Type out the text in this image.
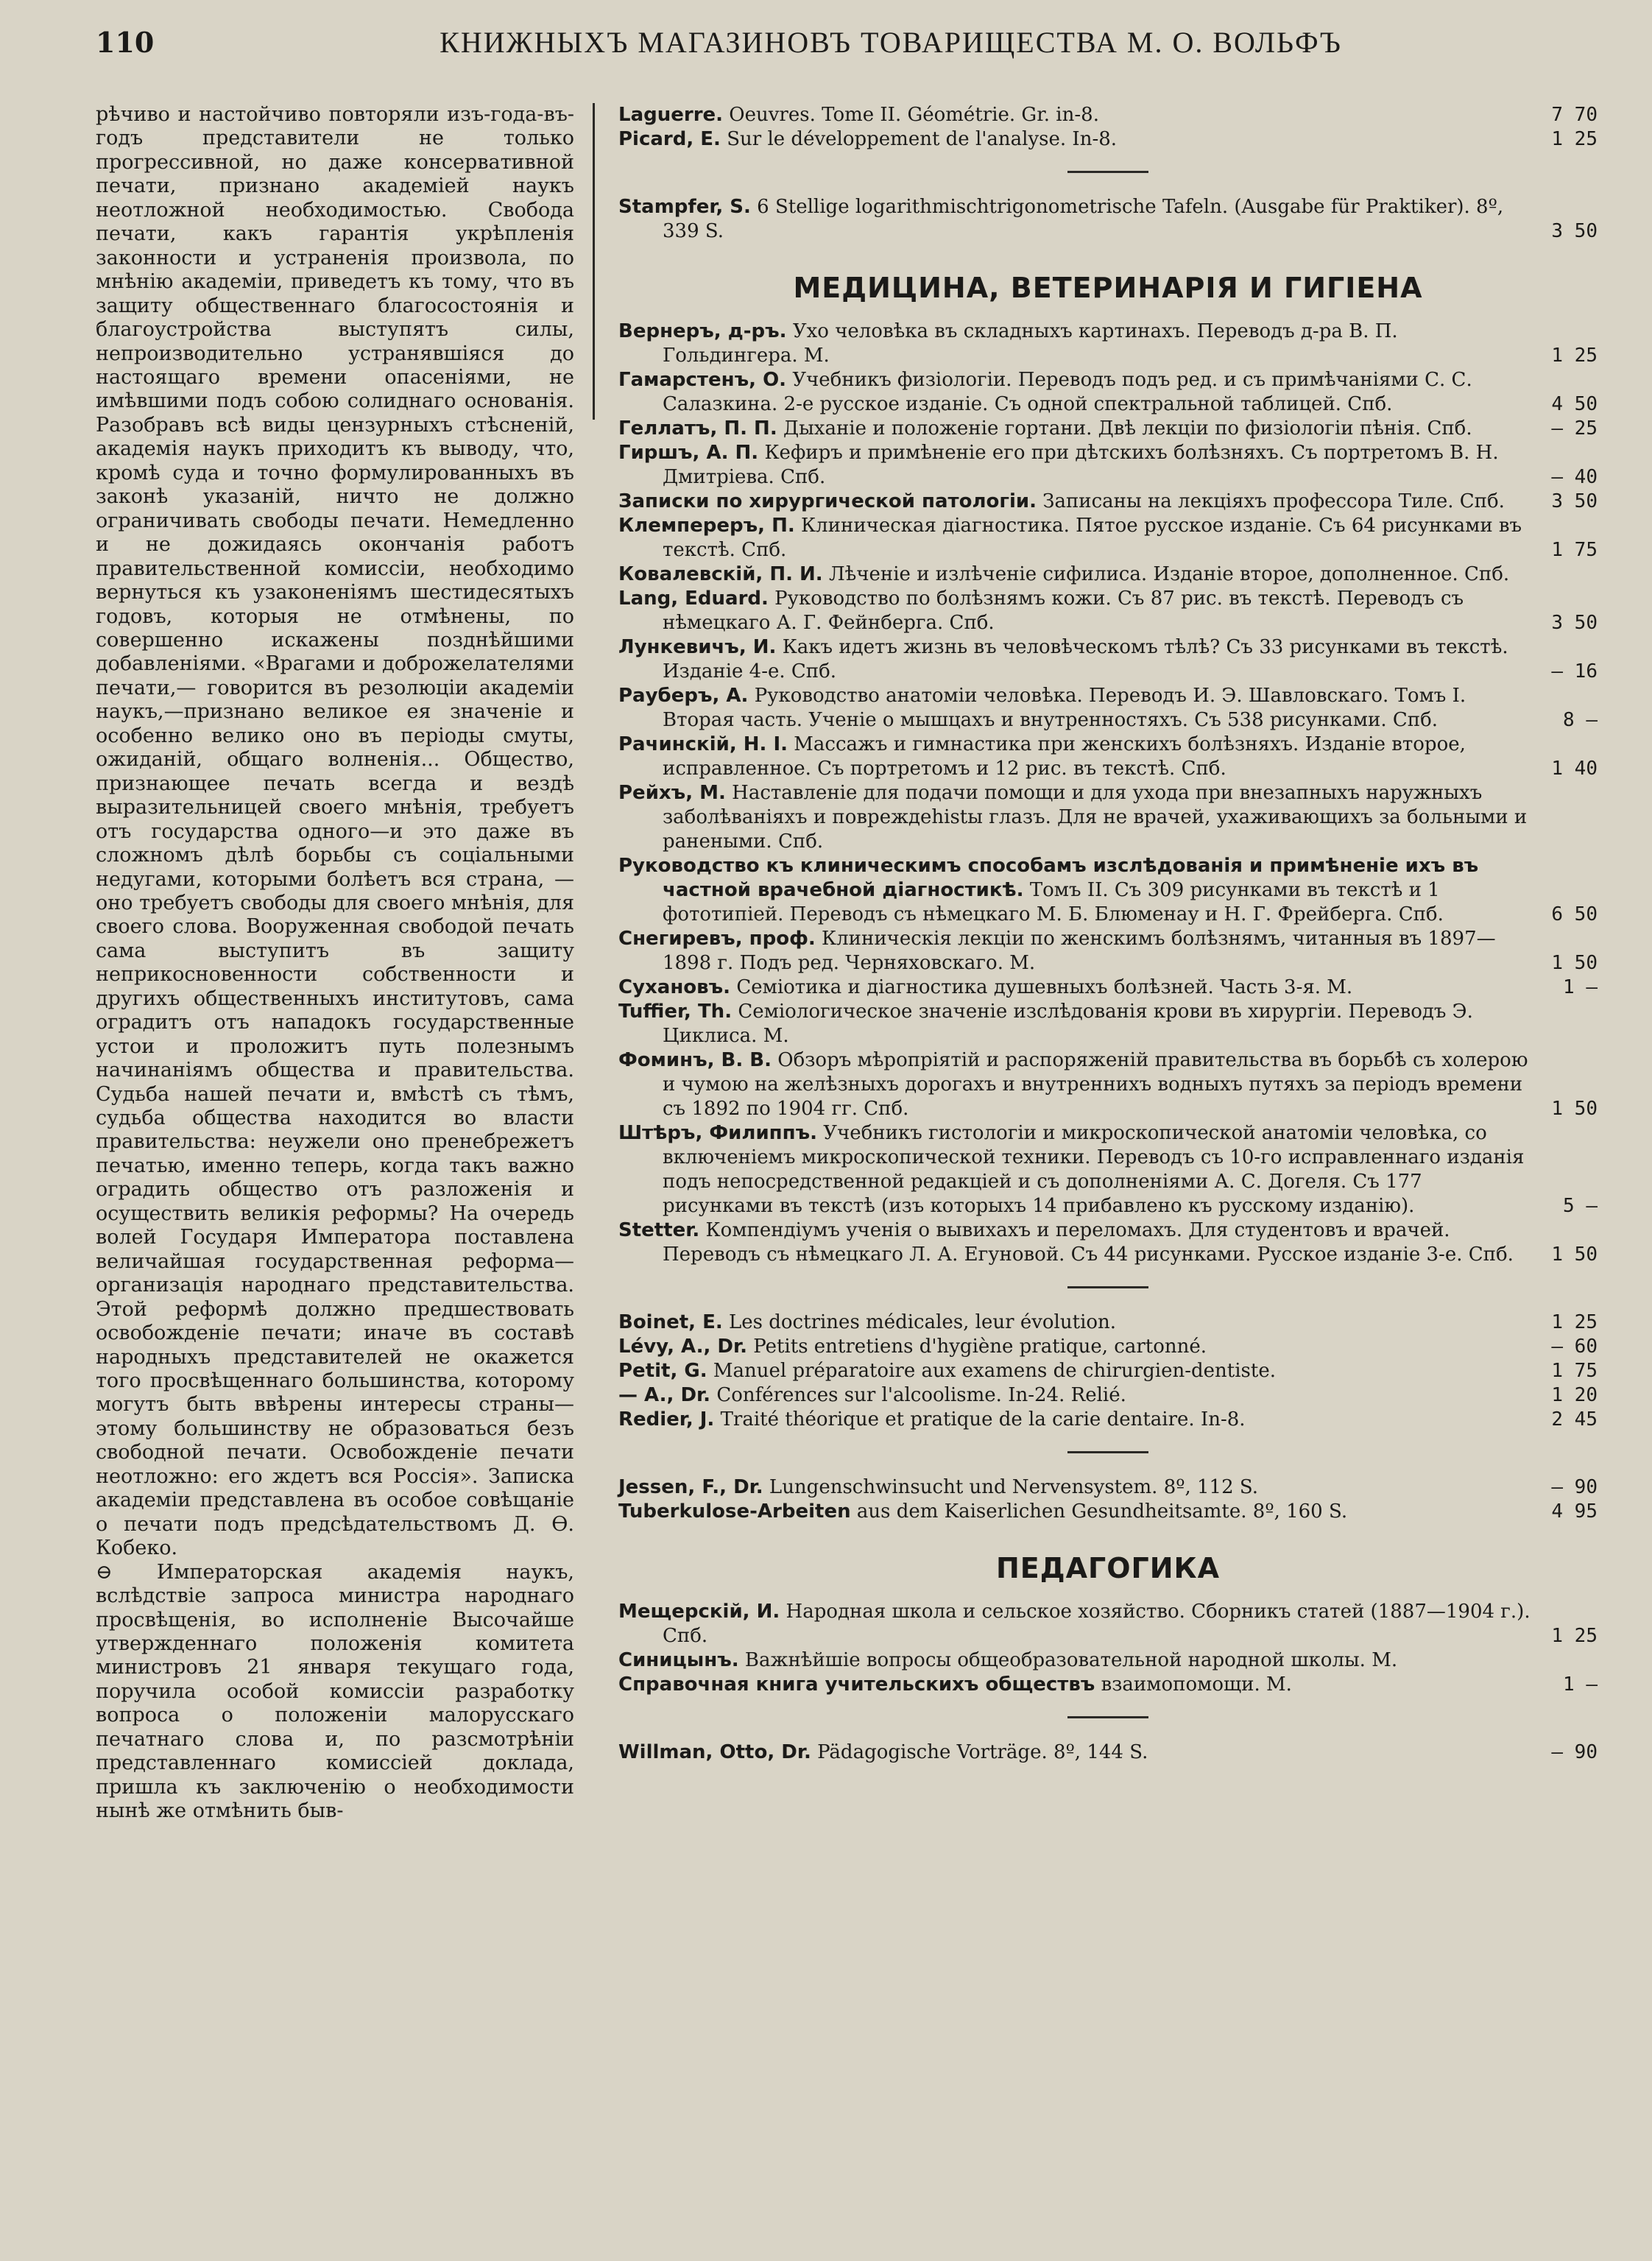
110	КНИЖНЫХЪ МАГАЗИНОВЪ ТОВАРИЩЕСТВА М. О. ВОЛЬФЪ

рѣчиво и настойчиво повторяли изъ-года-въ-годъ представители не только прогрессивной, но даже консервативной печати, признано академіей наукъ неотложной необходимостью. Свобода печати, какъ гарантія укрѣпленія законности и устраненія произвола, по мнѣнію академіи, приведетъ къ тому, что въ защиту общественнаго благосостоянія и благоустройства выступятъ силы, непроизводительно устранявшіяся до настоящаго времени опасеніями, не имѣвшими подъ собою солиднаго основанія. Разобравъ всѣ виды цензурныхъ стѣсненій, академія наукъ приходитъ къ выводу, что, кромѣ суда и точно формулированныхъ въ законѣ указаній, ничто не должно ограничивать свободы печати. Немедленно и не дожидаясь окончанія работъ правительственной комиссіи, необходимо вернуться къ узаконеніямъ шестидесятыхъ годовъ, которыя не отмѣнены, по совершенно искажены позднѣйшими добавленіями. «Врагами и доброжелателями печати,— говорится въ резолюціи академіи наукъ,—признано великое ея значеніе и особенно велико оно въ періоды смуты, ожиданій, общаго волненія... Общество, признающее печать всегда и вездѣ выразительницей своего мнѣнія, требуетъ отъ государства одного—и это даже въ сложномъ дѣлѣ борьбы съ соціальными недугами, которыми болѣетъ вся страна, — оно требуетъ свободы для своего мнѣнія, для своего слова. Вооруженная свободой печать сама выступитъ въ защиту неприкосновенности собственности и другихъ общественныхъ институтовъ, сама оградитъ отъ нападокъ государственные устои и проложитъ путь полезнымъ начинаніямъ общества и правительства. Судьба нашей печати и, вмѣстѣ съ тѣмъ, судьба общества находится во власти правительства: неужели оно пренебрежетъ печатью, именно теперь, когда такъ важно оградить общество отъ разложенія и осуществить великія реформы? На очередь волей Государя Императора поставлена величайшая государственная реформа—организація народнаго представительства. Этой реформѣ должно предшествовать освобожденіе печати; иначе въ составѣ народныхъ представителей не окажется того просвѣщеннаго большинства, которому могутъ быть ввѣрены интересы страны—этому большинству не образоваться безъ свободной печати. Освобожденіе печати неотложно: его ждетъ вся Россія». Записка академіи представлена въ особое совѣщаніе о печати подъ предсѣдательствомъ Д. Ѳ. Кобеко.

⊖ Императорская академія наукъ, вслѣдствіе запроса министра народнаго просвѣщенія, во исполненіе Высочайше утвержденнаго положенія комитета министровъ 21 января текущаго года, поручила особой комиссіи разработку вопроса о положеніи малорусскаго печатнаго слова и, по разсмотрѣніи представленнаго комиссіей доклада, пришла къ заключенію о необходимости нынѣ же отмѣнить быв-

Laguerre. Oeuvres. Tome II. Géométrie. Gr. in-8.	7 70

Picard, E. Sur le développement de l'analyse. In-8.	1 25

Stampfer, S. 6 Stellige logarithmischtrigonometrische Tafeln. (Ausgabe für Praktiker). 8º, 339 S.	3 50

МЕДИЦИНА, ВЕТЕРИНАРІЯ И ГИГІЕНА

Вернеръ, д-ръ. Ухо человѣка въ складныхъ картинахъ. Переводъ д-ра В. П. Гольдингера. М.	1 25

Гамарстенъ, О. Учебникъ физіологіи. Переводъ подъ ред. и съ примѣчаніями С. С. Салазкина. 2-е русское изданіе. Съ одной спектральной таблицей. Спб.	4 50

Геллатъ, П. П. Дыханіе и положеніе гортани. Двѣ лекціи по физіологіи пѣнія. Спб.	— 25

Гиршъ, А. П. Кефиръ и примѣненіе его при дѣтскихъ болѣзняхъ. Съ портретомъ В. Н. Дмитріева. Спб.	— 40

Записки по хирургической патологіи. Записаны на лекціяхъ профессора Тиле. Спб. 3 50

Клемпереръ, П. Клиническая діагностика. Пятое русское изданіе. Съ 64 рисунками въ текстѣ. Спб.	1 75

Ковалевскій, П. И. Лѣченіе и излѣченіе сифилиса. Изданіе второе, дополненное. Спб.

Lang, Eduard. Руководство по болѣзнямъ кожи. Съ 87 рис. въ текстѣ. Переводъ съ нѣмецкаго А. Г. Фейнберга. Спб.	3 50

Лункевичъ, И. Какъ идетъ жизнь въ человѣческомъ тѣлѣ? Съ 33 рисунками въ текстѣ. Изданіе 4-е. Спб.	— 16

Рауберъ, А. Руководство анатоміи человѣка. Переводъ И. Э. Шавловскаго. Томъ I. Вторая часть. Ученіе о мышцахъ и внутренностяхъ. Съ 538 рисунками. Спб.	8 —

Рачинскій, Н. І. Массажъ и гимнастика при женскихъ болѣзняхъ. Изданіе второе, исправленное. Съ портретомъ и 12 рис. въ текстѣ. Спб.	1 40

Рейхъ, М. Наставленіе для подачи помощи и для ухода при внезапныхъ наружныхъ заболѣваніяхъ и повреждеhistы глазъ. Для не врачей, ухаживающихъ за больными и ранеными. Спб.

Руководство къ клиническимъ способамъ изслѣдованія и примѣненіе ихъ въ частной врачебной діагностикѣ. Томъ II. Съ 309 рисунками въ текстѣ и 1 фототипіей. Переводъ съ нѣмецкаго М. Б. Блюменау и Н. Г. Фрейберга. Спб.	6 50

Снегиревъ, проф. Клиническія лекціи по женскимъ болѣзнямъ, читанныя въ 1897—1898 г. Подъ ред. Черняховскаго. М.	1 50

Сухановъ. Семіотика и діагностика душевныхъ болѣзней. Часть 3-я. М.	1 —

Tuffier, Th. Семіологическое значеніе изслѣдованія крови въ хирургіи. Переводъ Э. Циклиса. М.

Фоминъ, В. В. Обзоръ мѣропріятій и распоряженій правительства въ борьбѣ съ холерою и чумою на желѣзныхъ дорогахъ и внутреннихъ водныхъ путяхъ за періодъ времени съ 1892 по 1904 гг. Спб.	1 50

Штѣръ, Филиппъ. Учебникъ гистологіи и микроскопической анатоміи человѣка, со включеніемъ микроскопической техники. Переводъ съ 10-го исправленнаго изданія подъ непосредственной редакціей и съ дополненіями А. С. Догеля. Съ 177 рисунками въ текстѣ (изъ которыхъ 14 прибавлено къ русскому изданію).	5 —

Stetter. Компендіумъ ученія о вывихахъ и переломахъ. Для студентовъ и врачей. Переводъ съ нѣмецкаго Л. А. Егуновой. Съ 44 рисунками. Русское изданіе 3-е. Спб. 1 50

Boinet, E. Les doctrines médicales, leur évolution.	1 25

Lévy, A., Dr. Petits entretiens d'hygiène pratique, cartonné.	— 60

Petit, G. Manuel préparatoire aux examens de chirurgien-dentiste.	1 75

— A., Dr. Conférences sur l'alcoolisme. In-24. Relié.	1 20

Redier, J. Traité théorique et pratique de la carie dentaire. In-8.	2 45

Jessen, F., Dr. Lungenschwinsucht und Nervensystem. 8º, 112 S.	— 90

Tuberkulose-Arbeiten aus dem Kaiserlichen Gesundheitsamte. 8º, 160 S.	4 95

ПЕДАГОГИКА

Мещерскій, И. Народная школа и сельское хозяйство. Сборникъ статей (1887—1904 г.). Спб.	1 25

Синицынъ. Важнѣйшіе вопросы общеобразовательной народной школы. М.

Справочная книга учительскихъ обществъ взаимопомощи. М.	1 —

Willman, Otto, Dr. Pädagogische Vorträge. 8º, 144 S.	— 90
